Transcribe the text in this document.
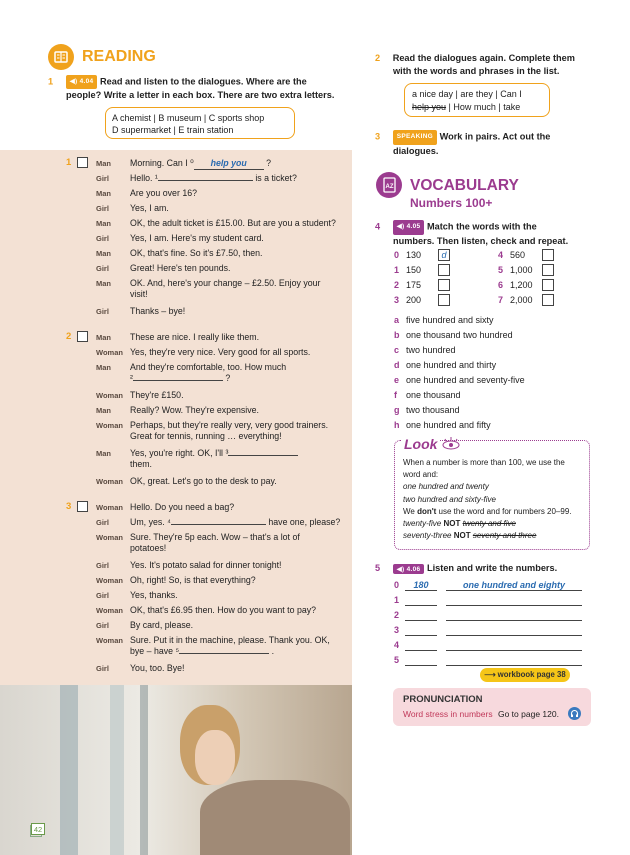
READING
1	◀) 4.04 Read and listen to the dialogues. Where are the
people? Write a letter in each box. There are two extra letters.
A chemist | B museum | C sports shop
D supermarket | E train station
1	Man Morning. Can I ⁰ help you ?
Girl Hello. ¹	is a ticket?
Man Are you over 16?
Girl Yes, I am.
Man OK, the adult ticket is £15.00. But are you a student?
Girl Yes, I am. Here's my student card.
Man OK, that's fine. So it's £7.50, then.
Girl Great! Here's ten pounds.
Man OK. And, here's your change – £2.50. Enjoy your
visit!
Girl Thanks – bye!
2	Man These are nice. I really like them.
Woman Yes, they're very nice. Very good for all sports.
Man And they're comfortable, too. How much
²	?
Woman They're £150.
Man Really? Wow. They're expensive.
Woman Perhaps, but they're really very, very good trainers.
Great for tennis, running … everything!
Man Yes, you're right. OK, I'll ³
them.
Woman OK, great. Let's go to the desk to pay.
3	Woman Hello. Do you need a bag?
Girl Um, yes. ⁴	have one, please?
Woman Sure. They're 5p each. Wow – that's a lot of
potatoes!
Girl Yes. It's potato salad for dinner tonight!
Woman Oh, right! So, is that everything?
Girl Yes, thanks.
Woman OK, that's £6.95 then. How do you want to pay?
Girl By card, please.
Woman Sure. Put it in the machine, please. Thank you. OK,
bye – have ⁵	.
Girl You, too. Bye!
42
2 Read the dialogues again. Complete them
with the words and phrases in the list.
a nice day | are they | Can I
help you | How much | take
3	SPEAKING Work in pairs. Act out the
dialogues.
AZ VOCABULARY
Numbers 100+
4	◀) 4.05 Match the words with the
numbers. Then listen, check and repeat.
0 130	d
1 150
2 175
3 200
4 560
5 1,000
6 1,200
7 2,000
a five hundred and sixty
b one thousand two hundred
c two hundred
d one hundred and thirty
e one hundred and seventy-five
f one thousand
g two thousand
h one hundred and fifty
Look
When a number is more than 100, we use the
word and:
one hundred and twenty
two hundred and sixty-five
We don't use the word and for numbers 20–99.
twenty-five NOT twenty and five
seventy-three NOT seventy and three
5	◀) 4.06 Listen and write the numbers.
0	180	one hundred and eighty
1
2
3
4
5
⟶ workbook page 38
PRONUNCIATION
Word stress in numbers Go to page 120.
